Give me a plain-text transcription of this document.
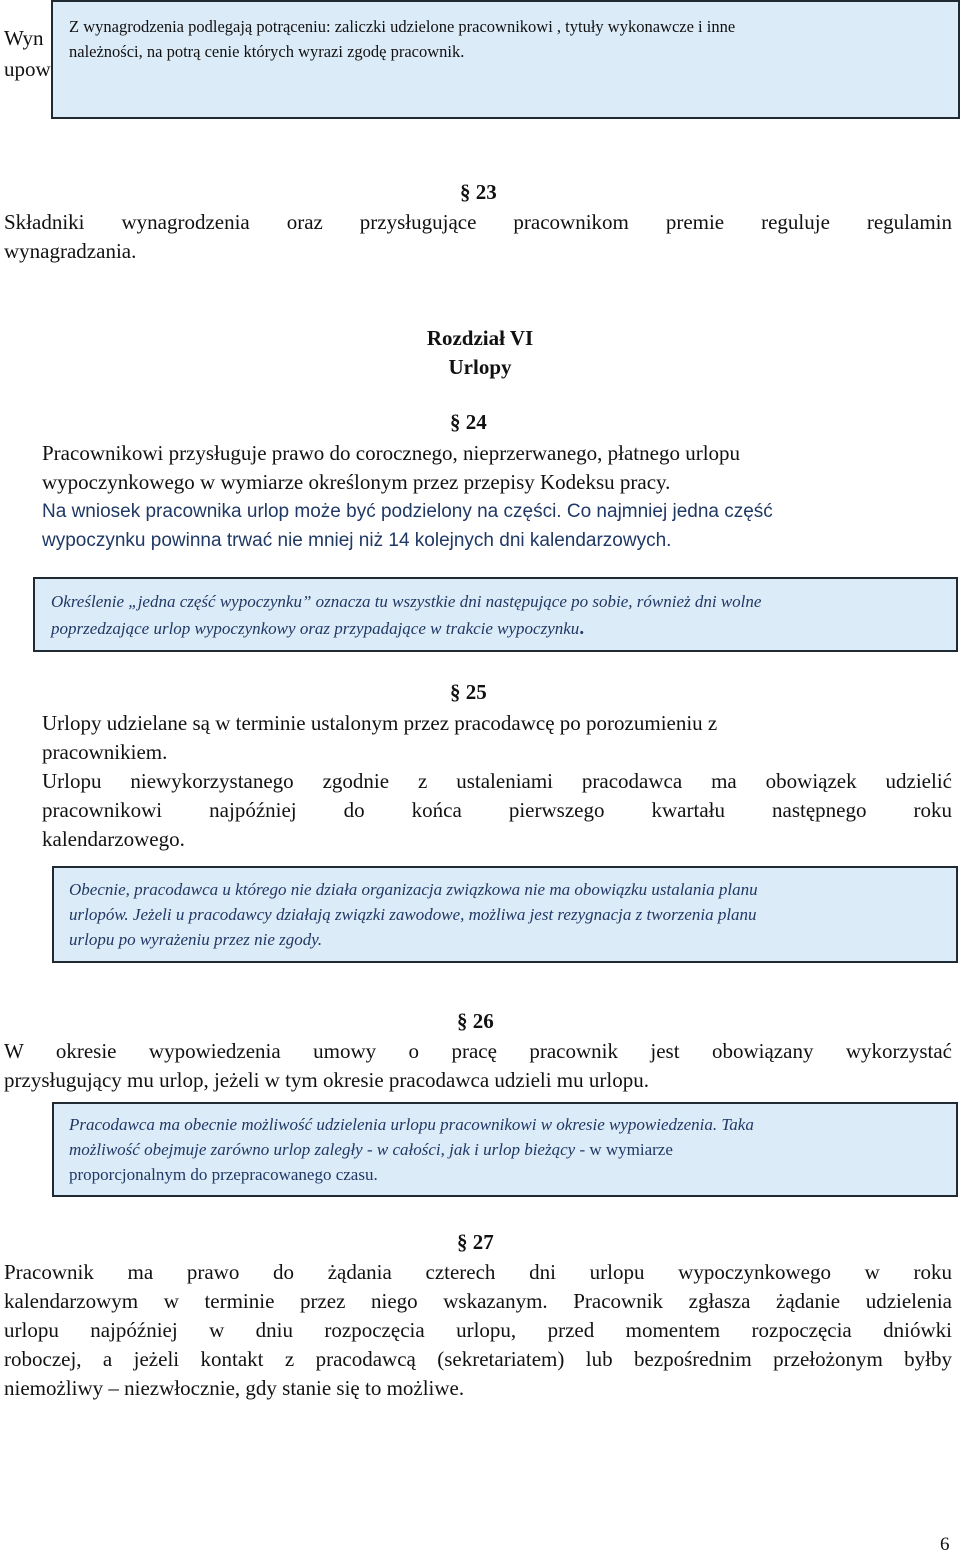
Wyn
upow

Z wynagrodzenia podlegają potrąceniu: zaliczki udzielone pracownikowi , tytuły wykonawcze i inne

należności, na potrą cenie których wyrazi zgodę pracownik.

§ 23

Składniki wynagrodzenia oraz przysługujące pracownikom premie reguluje regulamin

wynagradzania.

Rozdział VI
Urlopy
§ 24

Pracownikowi przysługuje prawo do corocznego, nieprzerwanego, płatnego urlopu

wypoczynkowego w wymiarze określonym przez przepisy Kodeksu pracy.

Na wniosek pracownika urlop może być podzielony na części. Co najmniej jedna część

wypoczynku powinna trwać nie mniej niż 14 kolejnych dni kalendarzowych.

Określenie „jedna część wypoczynku” oznacza tu wszystkie dni następujące po sobie, również dni wolne

poprzedzające urlop wypoczynkowy oraz przypadające w trakcie wypoczynku.

§ 25

Urlopy udzielane są w terminie ustalonym przez pracodawcę po porozumieniu z

pracownikiem.

Urlopu niewykorzystanego zgodnie z ustaleniami pracodawca ma obowiązek udzielić

pracownikowi najpóźniej do końca pierwszego kwartału następnego roku

kalendarzowego.

Obecnie, pracodawca u którego nie działa organizacja związkowa nie ma obowiązku ustalania planu

urlopów. Jeżeli u pracodawcy działają związki zawodowe, możliwa jest rezygnacja z tworzenia planu

urlopu po wyrażeniu przez nie zgody.

§ 26

W okresie wypowiedzenia umowy o pracę pracownik jest obowiązany wykorzystać

przysługujący mu urlop, jeżeli w tym okresie pracodawca udzieli mu urlopu.

Pracodawca ma obecnie możliwość udzielenia urlopu pracownikowi w okresie wypowiedzenia. Taka

możliwość obejmuje zarówno urlop zaległy - w całości, jak i urlop bieżący - w wymiarze

proporcjonalnym do przepracowanego czasu.

§ 27

Pracownik ma prawo do żądania czterech dni urlopu wypoczynkowego w roku

kalendarzowym w terminie przez niego wskazanym. Pracownik zgłasza żądanie udzielenia

urlopu najpóźniej w dniu rozpoczęcia urlopu, przed momentem rozpoczęcia dniówki

roboczej, a jeżeli kontakt z pracodawcą (sekretariatem) lub bezpośrednim przełożonym byłby

niemożliwy – niezwłocznie, gdy stanie się to możliwe.

6
